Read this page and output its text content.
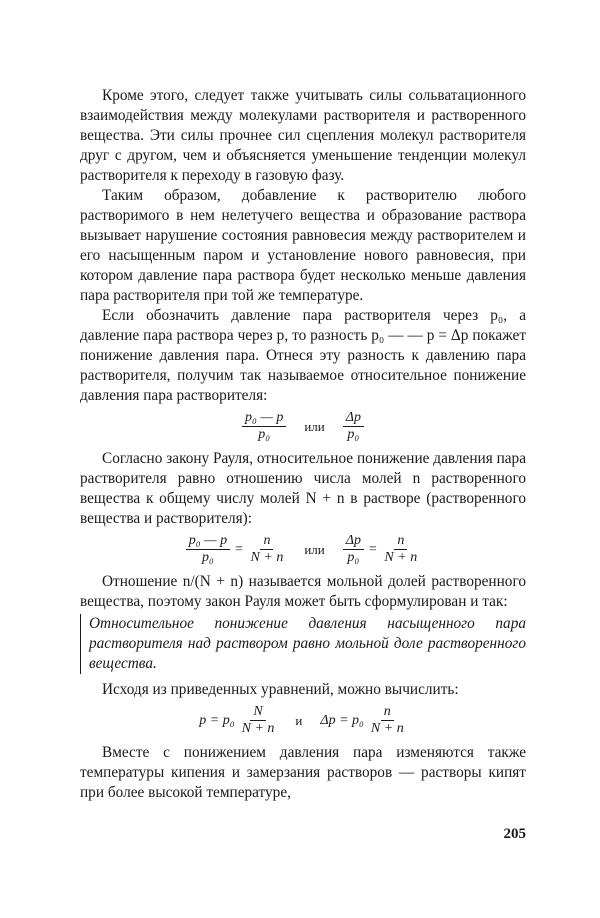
Кроме этого, следует также учитывать силы сольватационного взаимодействия между молекулами растворителя и растворенного вещества. Эти силы прочнее сил сцепления молекул растворителя друг с другом, чем и объясняется уменьшение тенденции молекул растворителя к переходу в газовую фазу.

Таким образом, добавление к растворителю любого растворимого в нем нелетучего вещества и образование раствора вызывает нарушение состояния равновесия между растворителем и его насыщенным паром и установление нового равновесия, при котором давление пара раствора будет несколько меньше давления пара растворителя при той же температуре.

Если обозначить давление пара растворителя через p₀, а давление пара раствора через p, то разность p₀ — — p = Δp покажет понижение давления пара. Отнеся эту разность к давлению пара растворителя, получим так называемое относительное понижение давления пара растворителя:

$\frac{\text{p₀ — p}}{\text{p₀}}$ или $\frac{\Delta p}{\text{p₀}}$

Согласно закону Рауля, относительное понижение давления пара растворителя равно отношению числа молей n растворенного вещества к общему числу молей N + n в растворе (растворенного вещества и растворителя):

$\frac{\text{p₀ — p}}{\text{p₀}} = \frac{n}{N + n}$ или $\frac{\Delta p}{\text{p₀}} = \frac{n}{N + n}$

Отношение n/(N + n) называется мольной долей растворенного вещества, поэтому закон Рауля может быть сформулирован и так:

Относительное понижение давления насыщенного пара растворителя над раствором равно мольной доле растворенного вещества.

Исходя из приведенных уравнений, можно вычислить:

$p = p_0 \frac{N}{N + n}$ и $\Delta p = p_0 \frac{n}{N + n}$

Вместе с понижением давления пара изменяются также температуры кипения и замерзания растворов — растворы кипят при более высокой температуре,

205
